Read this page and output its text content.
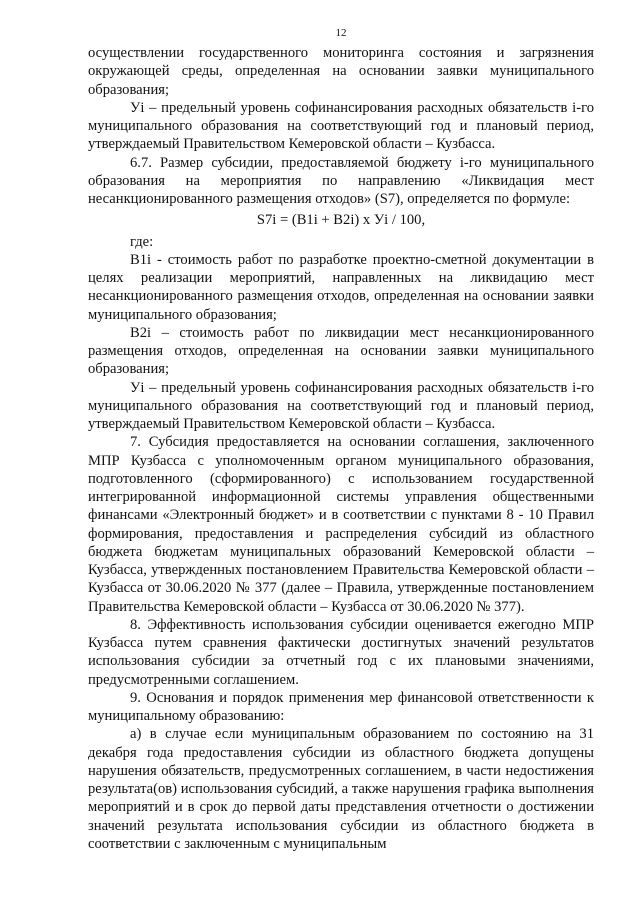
12

осуществлении государственного мониторинга состояния и загрязнения окружающей среды, определенная на основании заявки муниципального образования;

Уi – предельный уровень софинансирования расходных обязательств i-го муниципального образования на соответствующий год и плановый период, утверждаемый Правительством Кемеровской области – Кузбасса.

6.7. Размер субсидии, предоставляемой бюджету i-го муниципального образования на мероприятия по направлению «Ликвидация мест несанкционированного размещения отходов» (S7), определяется по формуле:

S7i = (B1i + B2i) x Уi / 100,

где:

B1i - стоимость работ по разработке проектно-сметной документации в целях реализации мероприятий, направленных на ликвидацию мест несанкционированного размещения отходов, определенная на основании заявки муниципального образования;

B2i – стоимость работ по ликвидации мест несанкционированного размещения отходов, определенная на основании заявки муниципального образования;

Уi – предельный уровень софинансирования расходных обязательств i-го муниципального образования на соответствующий год и плановый период, утверждаемый Правительством Кемеровской области – Кузбасса.

7. Субсидия предоставляется на основании соглашения, заключенного МПР Кузбасса с уполномоченным органом муниципального образования, подготовленного (сформированного) с использованием государственной интегрированной информационной системы управления общественными финансами «Электронный бюджет» и в соответствии с пунктами 8 - 10 Правил формирования, предоставления и распределения субсидий из областного бюджета бюджетам муниципальных образований Кемеровской области – Кузбасса, утвержденных постановлением Правительства Кемеровской области – Кузбасса от 30.06.2020 № 377 (далее – Правила, утвержденные постановлением Правительства Кемеровской области – Кузбасса от 30.06.2020 № 377).

8. Эффективность использования субсидии оценивается ежегодно МПР Кузбасса путем сравнения фактически достигнутых значений результатов использования субсидии за отчетный год с их плановыми значениями, предусмотренными соглашением.

9. Основания и порядок применения мер финансовой ответственности к муниципальному образованию:

а) в случае если муниципальным образованием по состоянию на 31 декабря года предоставления субсидии из областного бюджета допущены нарушения обязательств, предусмотренных соглашением, в части недостижения результата(ов) использования субсидий, а также нарушения графика выполнения мероприятий и в срок до первой даты представления отчетности о достижении значений результата использования субсидии из областного бюджета в соответствии с заключенным с муниципальным
